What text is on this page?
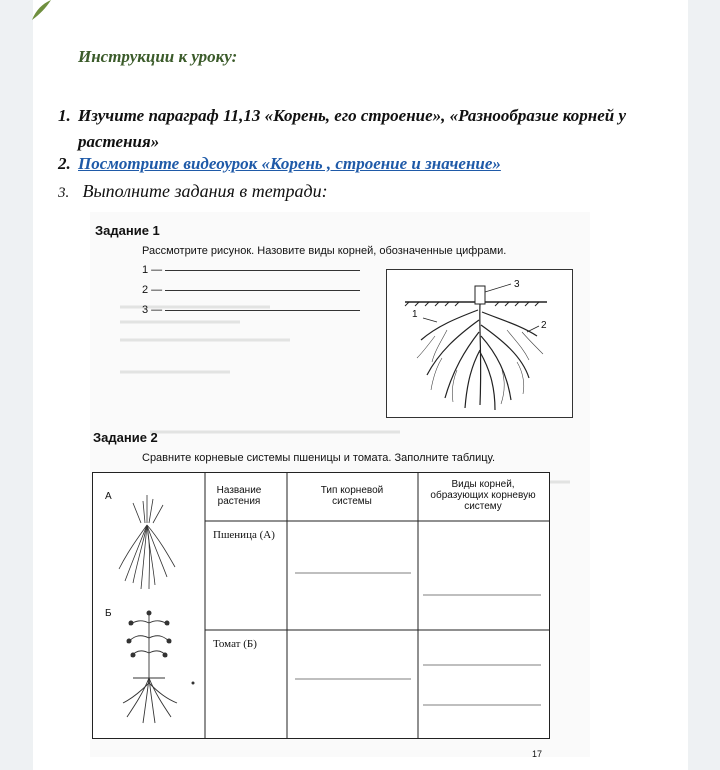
Инструкции к уроку:
1. Изучите параграф 11,13 «Корень, его строение», «Разнообразие корней у растения»
2. Посмотрите видеоурок «Корень , строение и значение»
3. Выполните задания в тетради:
Задание 1
Рассмотрите рисунок. Назовите виды корней, обозначенные цифрами.
1 —
2 —
3 —	1
2
3
Задание 2
Сравните корневые системы пшеницы и томата. Заполните таблицу.
А
Б
Название растения
Тип корневой системы
Виды корней, образующих корневую систему
Пшеница (А)
Томат (Б)
17
